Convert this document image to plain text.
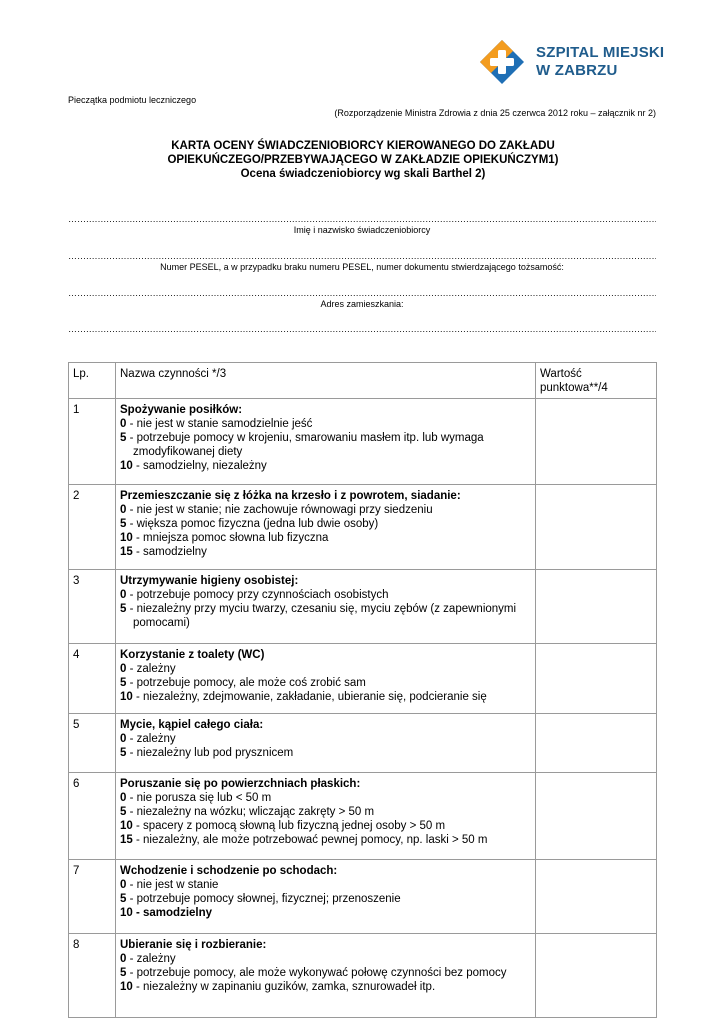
SZPITAL MIEJSKI
W ZABRZU
Pieczątka podmiotu leczniczego
(Rozporządzenie Ministra Zdrowia z dnia 25 czerwca 2012 roku – załącznik nr 2)
KARTA OCENY ŚWIADCZENIOBIORCY KIEROWANEGO DO ZAKŁADU
OPIEKUŃCZEGO/PRZEBYWAJĄCEGO W ZAKŁADZIE OPIEKUŃCZYM1)
Ocena świadczeniobiorcy wg skali Barthel 2)
…......................................................................................................................................................................................................................................................
Imię i nazwisko świadczeniobiorcy
…......................................................................................................................................................................................................................................................
Numer PESEL, a w przypadku braku numeru PESEL, numer dokumentu stwierdzającego tożsamość:
…......................................................................................................................................................................................................................................................
Adres zamieszkania:
…......................................................................................................................................................................................................................................................
Lp.	Nazwa czynności */3	Wartość
punktowa**/4

1	Spożywanie posiłków:
0 - nie jest w stanie samodzielnie jeść
5 - potrzebuje pomocy w krojeniu, smarowaniu masłem itp. lub wymaga zmodyfikowanej diety
10 - samodzielny, niezależny	

2	Przemieszczanie się z łóżka na krzesło i z powrotem, siadanie:
0 - nie jest w stanie; nie zachowuje równowagi przy siedzeniu
5 - większa pomoc fizyczna (jedna lub dwie osoby)
10 - mniejsza pomoc słowna lub fizyczna
15 - samodzielny	

3	Utrzymywanie higieny osobistej:
0 - potrzebuje pomocy przy czynnościach osobistych
5 - niezależny przy myciu twarzy, czesaniu się, myciu zębów (z zapewnionymi pomocami)	

4	Korzystanie z toalety (WC)
0 - zależny
5 - potrzebuje pomocy, ale może coś zrobić sam
10 - niezależny, zdejmowanie, zakładanie, ubieranie się, podcieranie się	

5	Mycie, kąpiel całego ciała:
0 - zależny
5 - niezależny lub pod prysznicem	

6	Poruszanie się po powierzchniach płaskich:
0 - nie porusza się lub < 50 m
5 - niezależny na wózku; wliczając zakręty > 50 m
10 - spacery z pomocą słowną lub fizyczną jednej osoby > 50 m
15 - niezależny, ale może potrzebować pewnej pomocy, np. laski > 50 m	

7	Wchodzenie i schodzenie po schodach:
0 - nie jest w stanie
5 - potrzebuje pomocy słownej, fizycznej; przenoszenie
10 - samodzielny	

8	Ubieranie się i rozbieranie:
0 - zależny
5 - potrzebuje pomocy, ale może wykonywać połowę czynności bez pomocy
10 - niezależny w zapinaniu guzików, zamka, sznurowadeł itp.	
